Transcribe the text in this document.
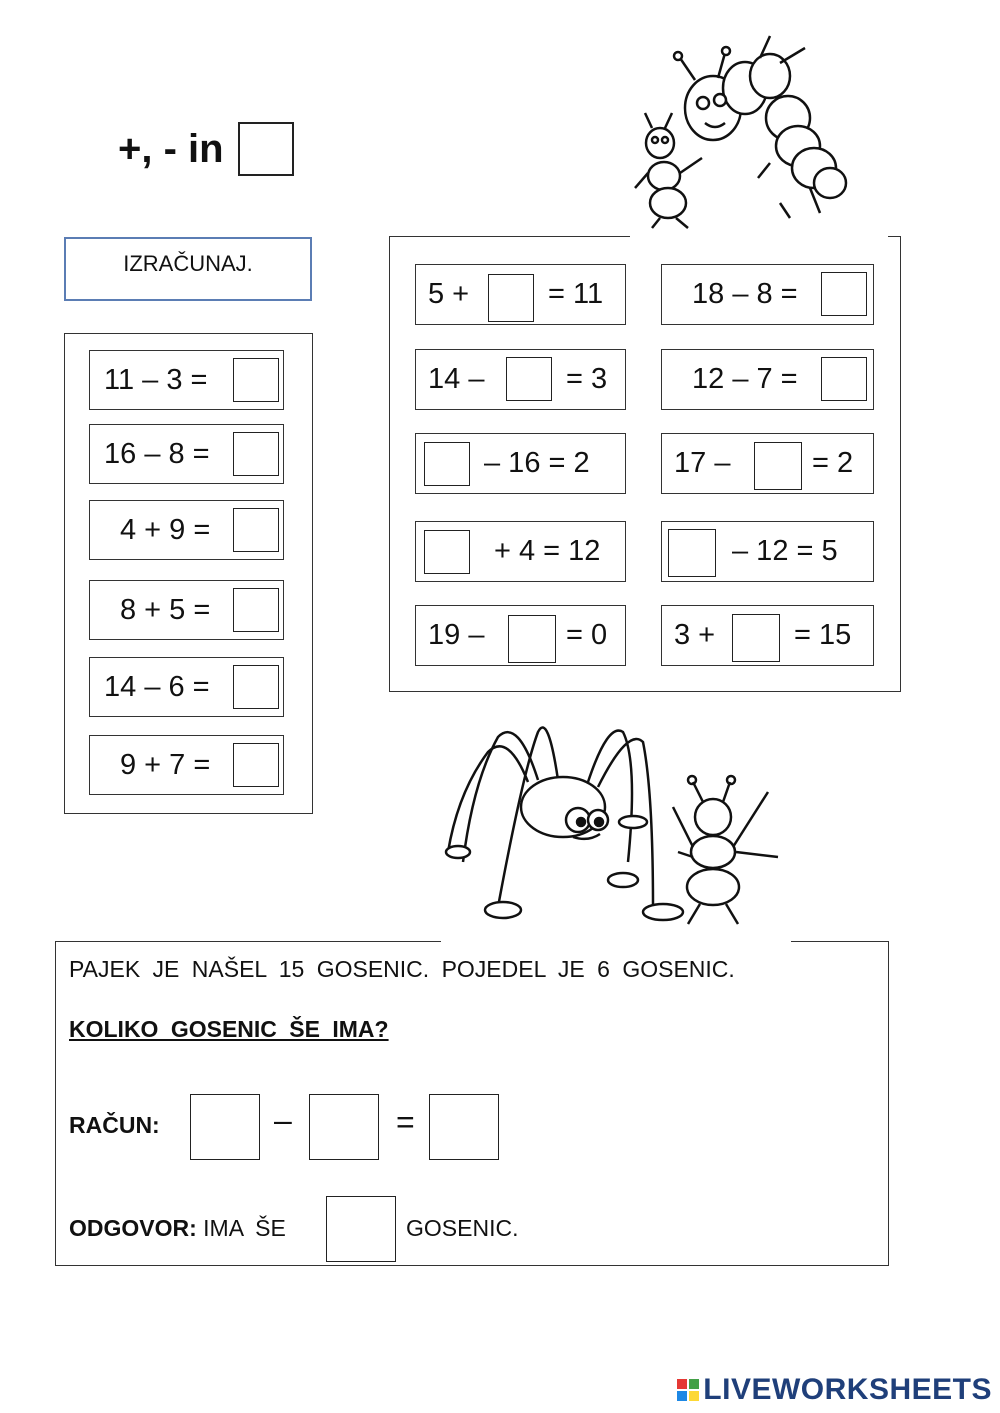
+, - in
IZRAČUNAJ.
11 – 3 =
16 – 8 =
4 + 9 =
8 + 5 =
14 – 6 =
9 + 7 =
5 +	= 11
14 –	= 3
– 16 = 2
+ 4 = 12
19 –	= 0
18 – 8 =
12 – 7 =
17 –	= 2
– 12 = 5
3 +	= 15
PAJEK JE NAŠEL 15 GOSENIC. POJEDEL JE 6 GOSENIC.
KOLIKO GOSENIC ŠE IMA?
RAČUN:	–	=
ODGOVOR: IMA ŠE	GOSENIC.
LIVEWORKSHEETS
